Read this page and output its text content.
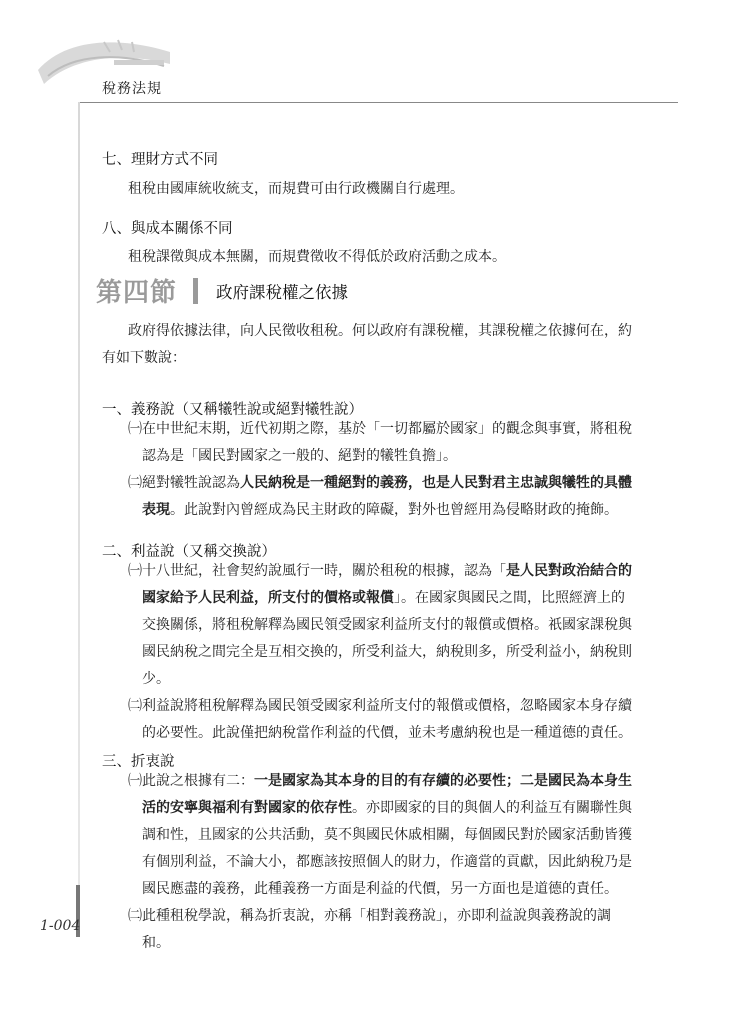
稅務法規
七、理財方式不同
租稅由國庫統收統支，而規費可由行政機關自行處理。
八、與成本關係不同
租稅課徵與成本無關，而規費徵收不得低於政府活動之成本。
第四節 政府課稅權之依據
政府得依據法律，向人民徵收租稅。何以政府有課稅權，其課稅權之依據何在，約
有如下數說：
一、義務說（又稱犧牲說或絕對犧牲說）
㈠在中世紀末期，近代初期之際，基於「一切都屬於國家」的觀念與事實，將租稅
認為是「國民對國家之一般的、絕對的犧牲負擔」。
㈡絕對犧牲說認為人民納稅是一種絕對的義務，也是人民對君主忠誠與犧牲的具體
表現。此說對內曾經成為民主財政的障礙，對外也曾經用為侵略財政的掩飾。
二、利益說（又稱交換說）
㈠十八世紀，社會契約說風行一時，關於租稅的根據，認為「是人民對政治結合的
國家給予人民利益，所支付的價格或報償」。在國家與國民之間，比照經濟上的
交換關係，將租稅解釋為國民領受國家利益所支付的報償或價格。祇國家課稅與
國民納稅之間完全是互相交換的，所受利益大，納稅則多，所受利益小，納稅則
少。
㈡利益說將租稅解釋為國民領受國家利益所支付的報償或價格，忽略國家本身存續
的必要性。此說僅把納稅當作利益的代價，並未考慮納稅也是一種道德的責任。
三、折衷說
㈠此說之根據有二：一是國家為其本身的目的有存續的必要性；二是國民為本身生
活的安寧與福利有對國家的依存性。亦即國家的目的與個人的利益互有關聯性與
調和性，且國家的公共活動，莫不與國民休戚相關，每個國民對於國家活動皆獲
有個別利益，不論大小，都應該按照個人的財力，作適當的貢獻，因此納稅乃是
國民應盡的義務，此種義務一方面是利益的代價，另一方面也是道德的責任。
㈡此種租稅學說，稱為折衷說，亦稱「相對義務說」，亦即利益說與義務說的調
和。
1-004
